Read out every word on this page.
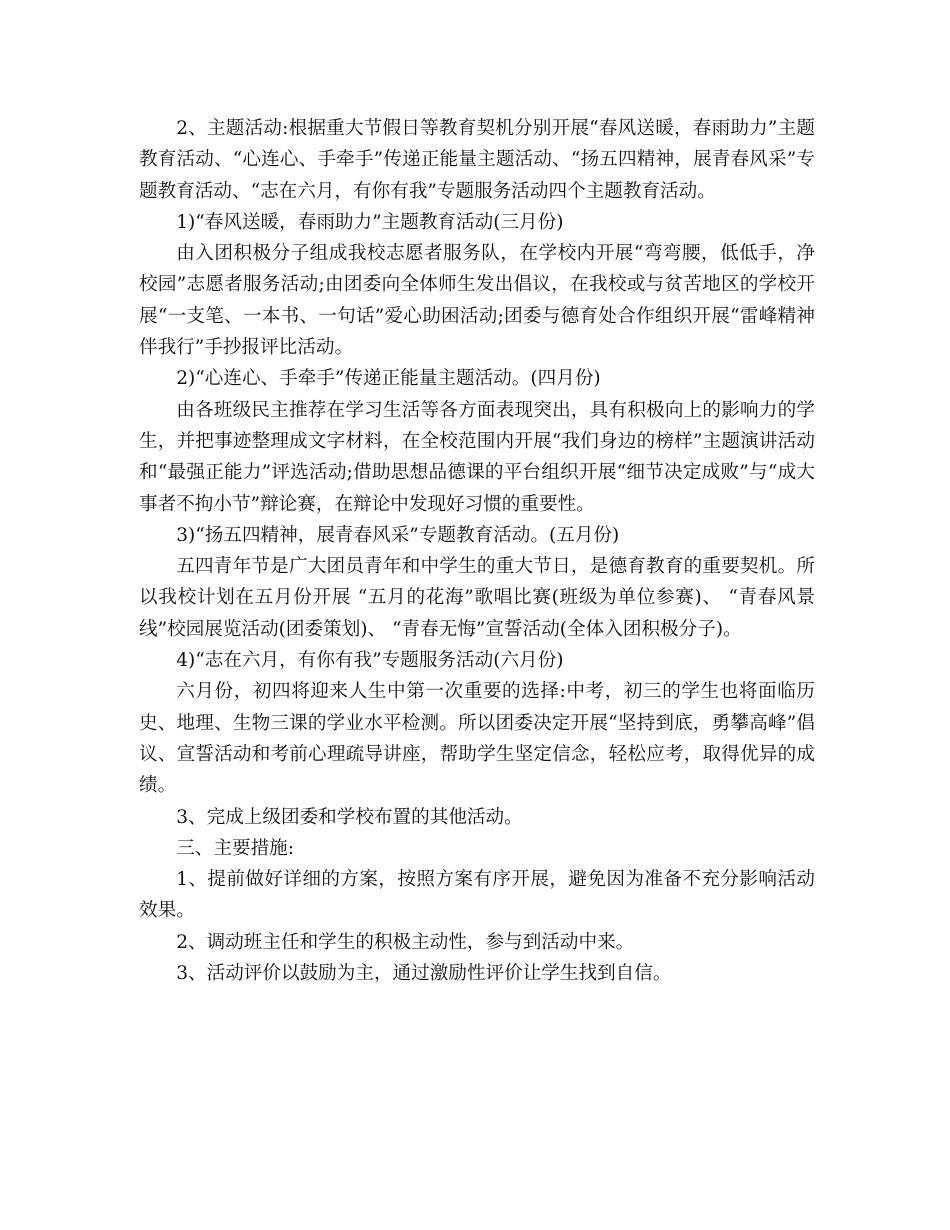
2、主题活动:根据重大节假日等教育契机分别开展“春风送暖，春雨助力”主题教育活动、“心连心、手牵手”传递正能量主题活动、“扬五四精神，展青春风采”专题教育活动、“志在六月，有你有我”专题服务活动四个主题教育活动。

1)“春风送暖，春雨助力”主题教育活动(三月份)

由入团积极分子组成我校志愿者服务队，在学校内开展“弯弯腰，低低手，净校园”志愿者服务活动;由团委向全体师生发出倡议，在我校或与贫苦地区的学校开展“一支笔、一本书、一句话”爱心助困活动;团委与德育处合作组织开展“雷峰精神伴我行”手抄报评比活动。

2)“心连心、手牵手”传递正能量主题活动。(四月份)

由各班级民主推荐在学习生活等各方面表现突出，具有积极向上的影响力的学生，并把事迹整理成文字材料，在全校范围内开展“我们身边的榜样”主题演讲活动和“最强正能力”评选活动;借助思想品德课的平台组织开展“细节决定成败”与“成大事者不拘小节”辩论赛，在辩论中发现好习惯的重要性。

3)“扬五四精神，展青春风采”专题教育活动。(五月份)

五四青年节是广大团员青年和中学生的重大节日，是德育教育的重要契机。所以我校计划在五月份开展 “五月的花海”歌唱比赛(班级为单位参赛)、 “青春风景线”校园展览活动(团委策划)、 “青春无悔”宣誓活动(全体入团积极分子)。

4)“志在六月，有你有我”专题服务活动(六月份)

六月份，初四将迎来人生中第一次重要的选择:中考，初三的学生也将面临历史、地理、生物三课的学业水平检测。所以团委决定开展“坚持到底，勇攀高峰”倡议、宣誓活动和考前心理疏导讲座，帮助学生坚定信念，轻松应考，取得优异的成绩。

3、完成上级团委和学校布置的其他活动。

三、主要措施:

1、提前做好详细的方案，按照方案有序开展，避免因为准备不充分影响活动效果。

2、调动班主任和学生的积极主动性，参与到活动中来。

3、活动评价以鼓励为主，通过激励性评价让学生找到自信。
